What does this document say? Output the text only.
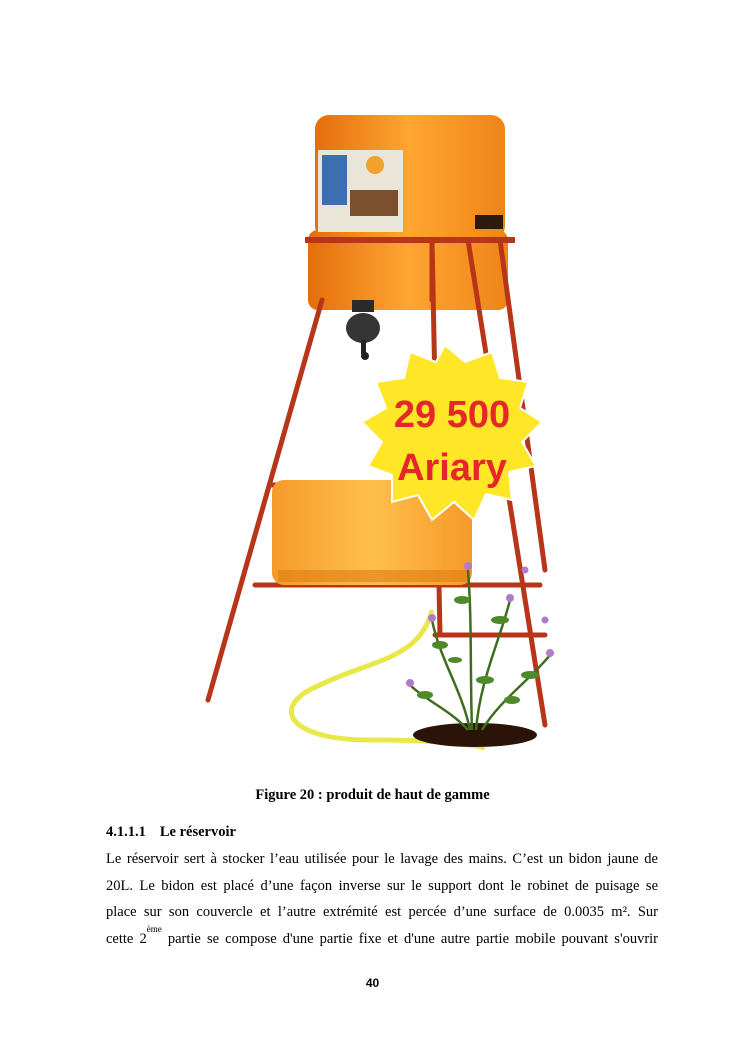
29 500
Ariary
Figure 20 : produit de haut de gamme
4.1.1.1 Le réservoir
Le réservoir sert à stocker l’eau utilisée pour le lavage des mains. C’est un bidon jaune de
20L. Le bidon est placé d’une façon inverse sur le support dont le robinet de puisage se
place sur son couvercle et l’autre extrémité est percée d’une surface de 0.0035 m². Sur
cette 2ème partie se compose d'une partie fixe et d'une autre partie mobile pouvant s'ouvrir
40
